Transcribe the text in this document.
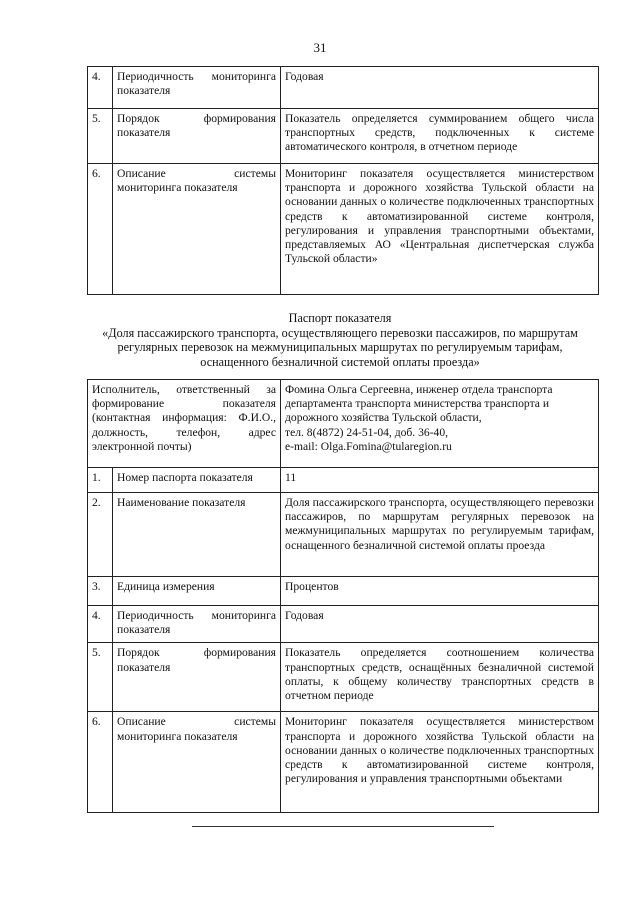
31
4.	Периодичность мониторинга показателя	Годовая
5.	Порядок формирования показателя	Показатель определяется суммированием общего числа транспортных средств, подключенных к системе автоматического контроля, в отчетном периоде
6.	Описание системы мониторинга показателя	Мониторинг показателя осуществляется министерством транспорта и дорожного хозяйства Тульской области на основании данных о количестве подключенных транспортных средств к автоматизированной системе контроля, регулирования и управления транспортными объектами, представляемых АО «Центральная диспетчерская служба Тульской области»
Паспорт показателя
«Доля пассажирского транспорта, осуществляющего перевозки пассажиров, по маршрутам регулярных перевозок на межмуниципальных маршрутах по регулируемым тарифам, оснащенного безналичной системой оплаты проезда»
Исполнитель, ответственный за формирование показателя (контактная информация: Ф.И.О., должность, телефон, адрес электронной почты)		Фомина Ольга Сергеевна, инженер отдела транспорта департамента транспорта министерства транспорта и дорожного хозяйства Тульской области,
тел. 8(4872) 24-51-04, доб. 36-40,
e-mail: Olga.Fomina@tularegion.ru

1.	Номер паспорта показателя	11
2.	Наименование показателя	Доля пассажирского транспорта, осуществляющего перевозки пассажиров, по маршрутам регулярных перевозок на межмуниципальных маршрутах по регулируемым тарифам, оснащенного безналичной системой оплаты проезда
3.	Единица измерения	Процентов
4.	Периодичность мониторинга показателя	Годовая
5.	Порядок формирования показателя	Показатель определяется соотношением количества транспортных средств, оснащённых безналичной системой оплаты, к общему количеству транспортных средств в отчетном периоде
6.	Описание системы мониторинга показателя	Мониторинг показателя осуществляется министерством транспорта и дорожного хозяйства Тульской области на основании данных о количестве подключенных транспортных средств к автоматизированной системе контроля, регулирования и управления транспортными объектами
